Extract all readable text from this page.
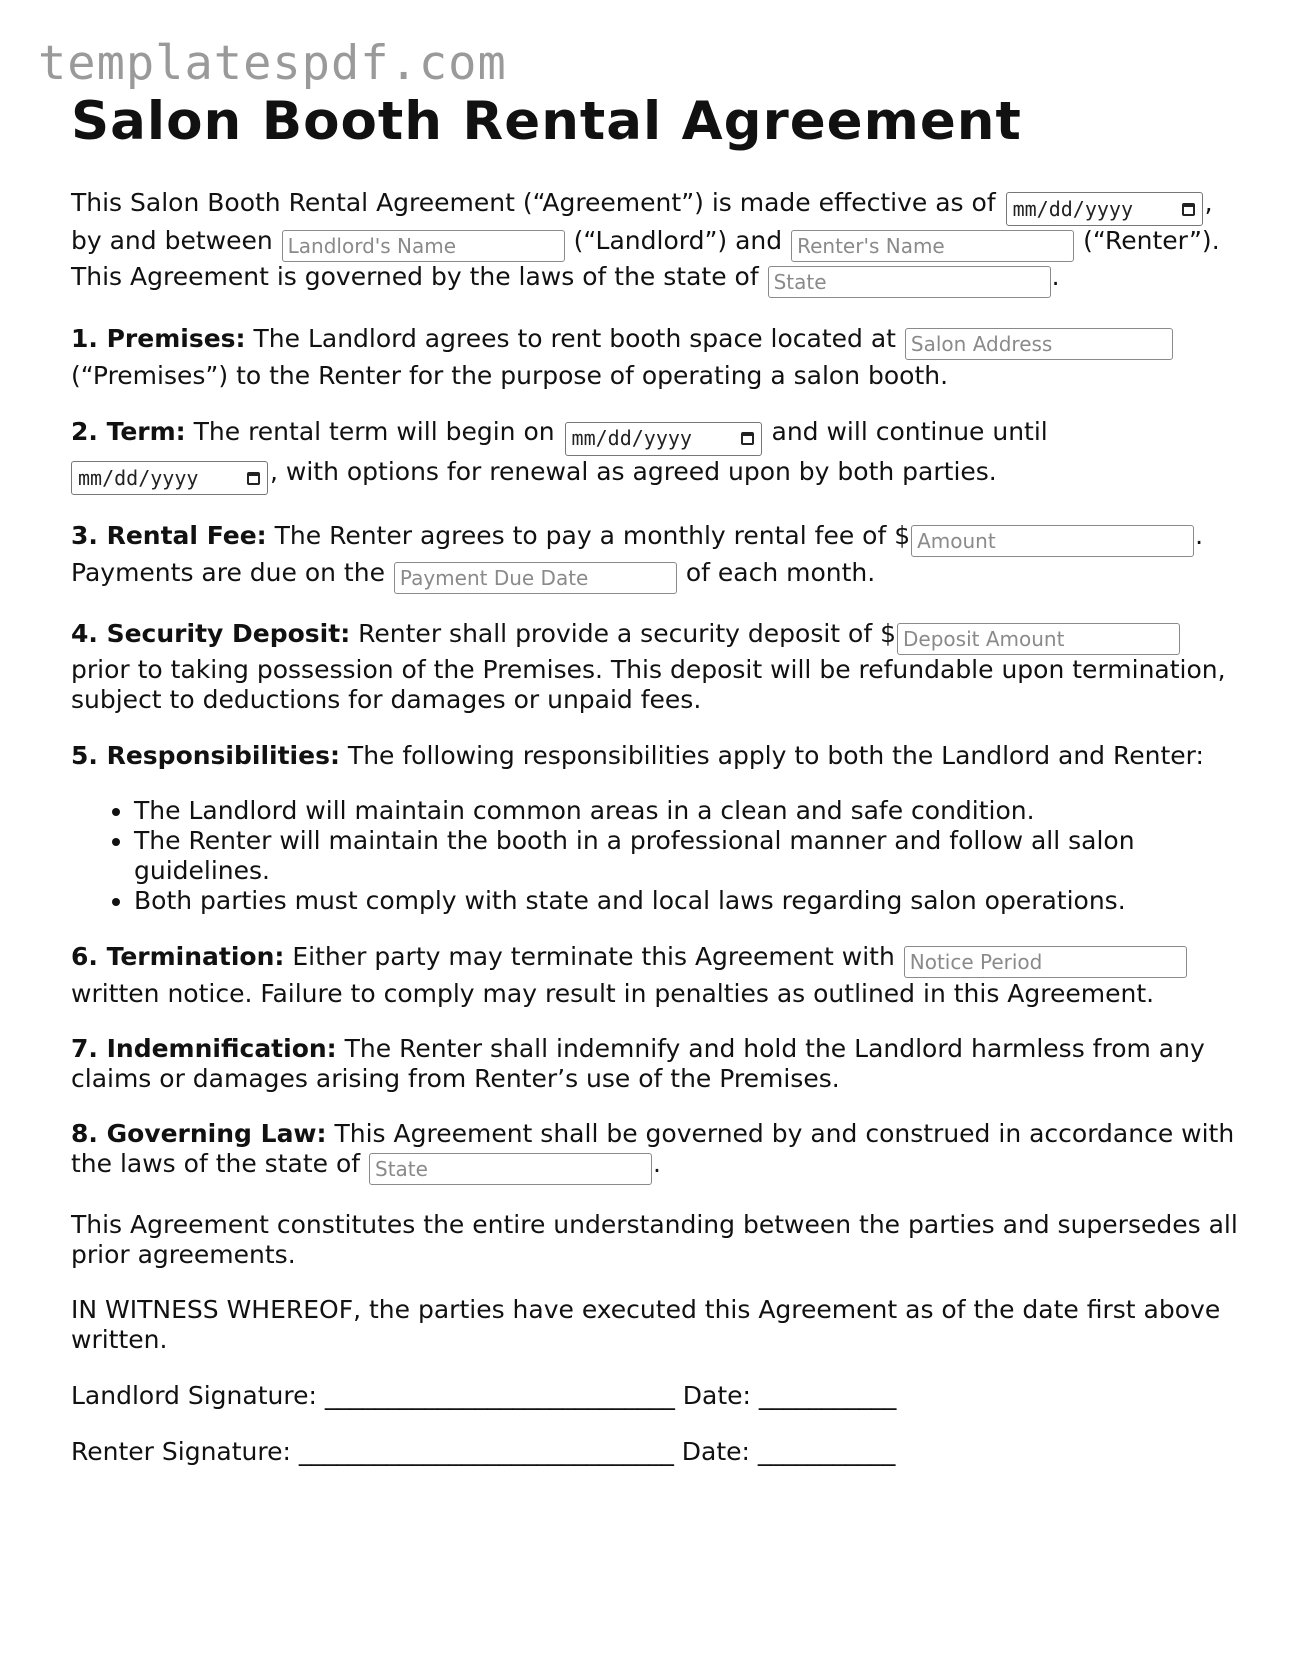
templatespdf.com
Salon Booth Rental Agreement

This Salon Booth Rental Agreement (“Agreement”) is made effective as of mm/dd/yyyy	,
by and between Landlord's Name	(“Landlord”) and Renter's Name	(“Renter”).
This Agreement is governed by the laws of the state of State	.

1. Premises: The Landlord agrees to rent booth space located at Salon Address
(“Premises”) to the Renter for the purpose of operating a salon booth.

2. Term: The rental term will begin on mm/dd/yyyy	and will continue until

mm/dd/yyyy	, with options for renewal as agreed upon by both parties.

3. Rental Fee: The Renter agrees to pay a monthly rental fee of $Amount	.
Payments are due on the Payment Due Date	of each month.

4. Security Deposit: Renter shall provide a security deposit of $Deposit Amount
prior to taking possession of the Premises. This deposit will be refundable upon termination, subject to deductions for damages or unpaid fees.

5. Responsibilities: The following responsibilities apply to both the Landlord and Renter:

• The Landlord will maintain common areas in a clean and safe condition.
• The Renter will maintain the booth in a professional manner and follow all salon guidelines.
• Both parties must comply with state and local laws regarding salon operations.

6. Termination: Either party may terminate this Agreement with Notice Period
written notice. Failure to comply may result in penalties as outlined in this Agreement.

7. Indemnification: The Renter shall indemnify and hold the Landlord harmless from any claims or damages arising from Renter’s use of the Premises.

8. Governing Law: This Agreement shall be governed by and construed in accordance with the laws of the state of State	.

This Agreement constitutes the entire understanding between the parties and supersedes all prior agreements.

IN WITNESS WHEREOF, the parties have executed this Agreement as of the date first above written.

Landlord Signature: ____________________________ Date: ___________

Renter Signature: ______________________________ Date: ___________
